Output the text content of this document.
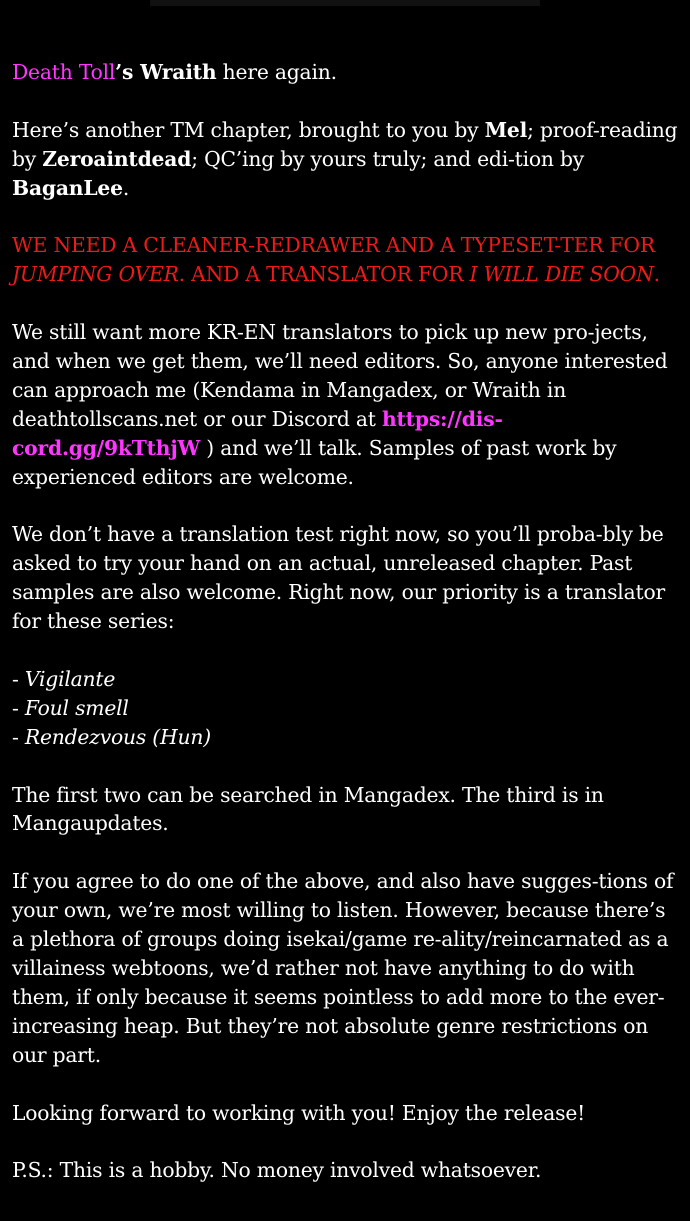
Death Toll’s Wraith here again.

Here’s another TM chapter, brought to you by Mel; proof-reading by Zeroaintdead; QC’ing by yours truly; and edi-tion by BaganLee.

WE NEED A CLEANER-REDRAWER AND A TYPESET-TER FOR JUMPING OVER. AND A TRANSLATOR FOR I WILL DIE SOON.

We still want more KR-EN translators to pick up new pro-jects, and when we get them, we’ll need editors. So, anyone interested can approach me (Kendama in Mangadex, or Wraith in deathtollscans.net or our Discord at https://dis-cord.gg/9kTthjW ) and we’ll talk. Samples of past work by experienced editors are welcome.

We don’t have a translation test right now, so you’ll proba-bly be asked to try your hand on an actual, unreleased chapter. Past samples are also welcome. Right now, our priority is a translator for these series:

- Vigilante

- Foul smell

- Rendezvous (Hun)

The first two can be searched in Mangadex. The third is in Mangaupdates.

If you agree to do one of the above, and also have sugges-tions of your own, we’re most willing to listen. However, because there’s a plethora of groups doing isekai/game re-ality/reincarnated as a villainess webtoons, we’d rather not have anything to do with them, if only because it seems pointless to add more to the ever-increasing heap. But they’re not absolute genre restrictions on our part.

Looking forward to working with you! Enjoy the release!

P.S.: This is a hobby. No money involved whatsoever.
